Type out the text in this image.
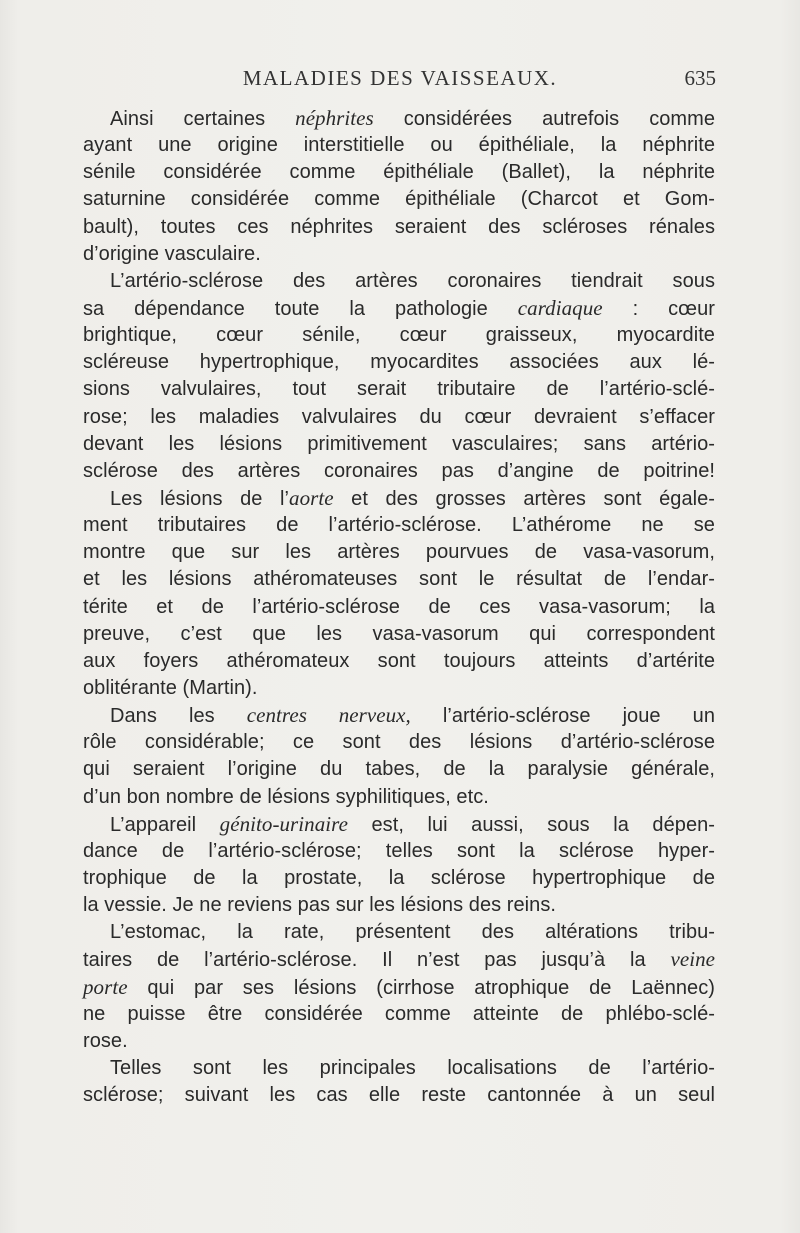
MALADIES DES VAISSEAUX.	635
Ainsi certaines néphrites considérées autrefois comme
ayant une origine interstitielle ou épithéliale, la néphrite
sénile considérée comme épithéliale (Ballet), la néphrite
saturnine considérée comme épithéliale (Charcot et Gom-
bault), toutes ces néphrites seraient des scléroses rénales
d’origine vasculaire.
L’artério-sclérose des artères coronaires tiendrait sous
sa dépendance toute la pathologie cardiaque : cœur
brightique, cœur sénile, cœur graisseux, myocardite
scléreuse hypertrophique, myocardites associées aux lé-
sions valvulaires, tout serait tributaire de l’artério-sclé-
rose; les maladies valvulaires du cœur devraient s’effacer
devant les lésions primitivement vasculaires; sans artério-
sclérose des artères coronaires pas d’angine de poitrine!
Les lésions de l’aorte et des grosses artères sont égale-
ment tributaires de l’artério-sclérose. L’athérome ne se
montre que sur les artères pourvues de vasa-vasorum,
et les lésions athéromateuses sont le résultat de l’endar-
térite et de l’artério-sclérose de ces vasa-vasorum; la
preuve, c’est que les vasa-vasorum qui correspondent
aux foyers athéromateux sont toujours atteints d’artérite
oblitérante (Martin).
Dans les centres nerveux, l’artério-sclérose joue un
rôle considérable; ce sont des lésions d’artério-sclérose
qui seraient l’origine du tabes, de la paralysie générale,
d’un bon nombre de lésions syphilitiques, etc.
L’appareil génito-urinaire est, lui aussi, sous la dépen-
dance de l’artério-sclérose; telles sont la sclérose hyper-
trophique de la prostate, la sclérose hypertrophique de
la vessie. Je ne reviens pas sur les lésions des reins.
L’estomac, la rate, présentent des altérations tribu-
taires de l’artério-sclérose. Il n’est pas jusqu’à la veine
porte qui par ses lésions (cirrhose atrophique de Laënnec)
ne puisse être considérée comme atteinte de phlébo-sclé-
rose.
Telles sont les principales localisations de l’artério-
sclérose; suivant les cas elle reste cantonnée à un seul
